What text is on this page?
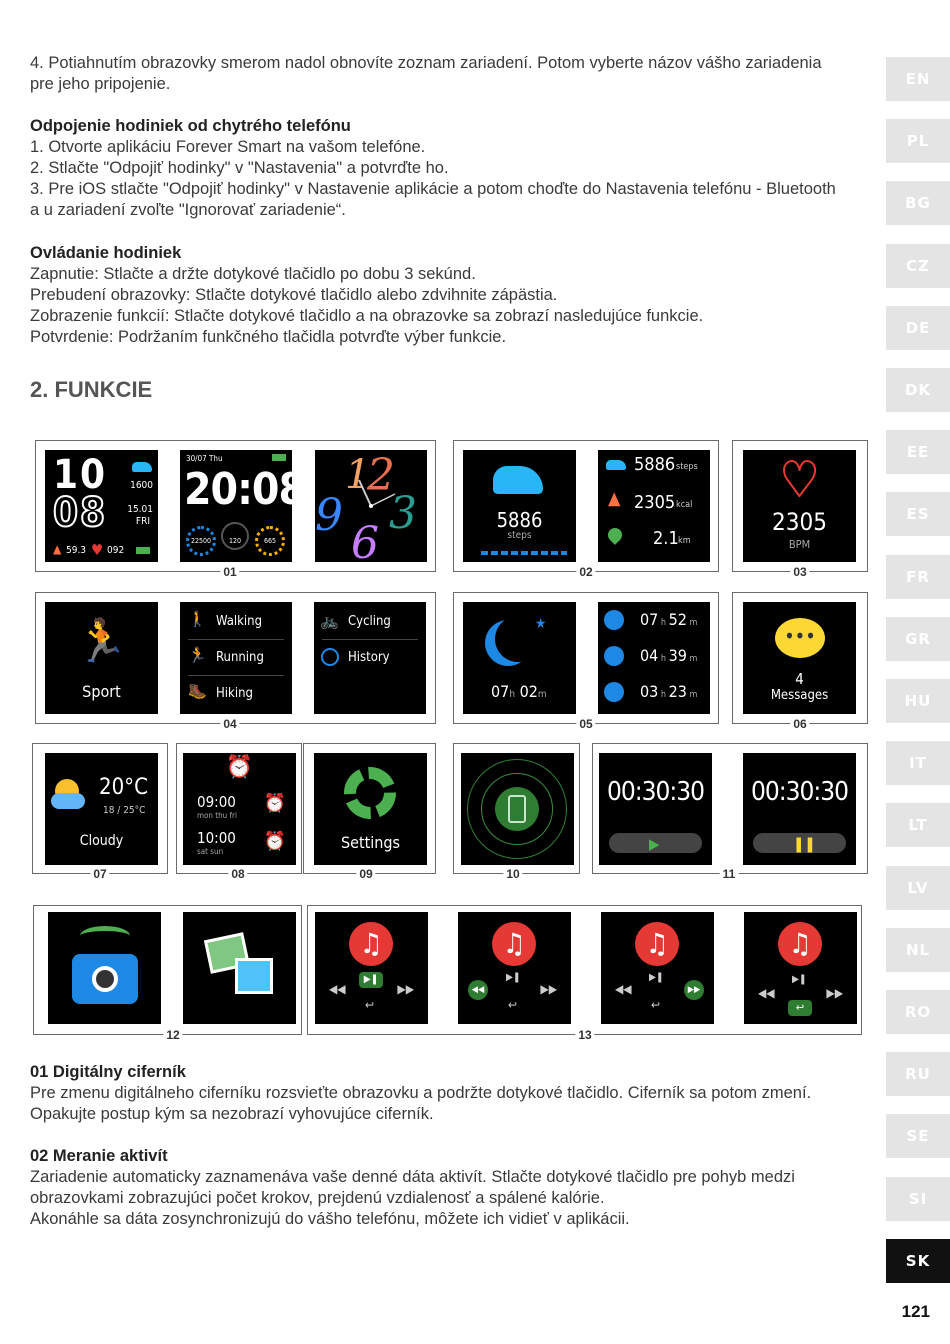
4. Potiahnutím obrazovky smerom nadol obnovíte zoznam zariadení. Potom vyberte názov vášho zariadenia
pre jeho pripojenie.
Odpojenie hodiniek od chytrého telefónu
1. Otvorte aplikáciu Forever Smart na vašom telefóne.
2. Stlačte "Odpojiť hodinky" v "Nastavenia" a potvrďte ho.
3. Pre iOS stlačte "Odpojiť hodinky" v Nastavenie aplikácie a potom choďte do Nastavenia telefónu - Bluetooth
a u zariadení zvoľte "Ignorovať zariadenie“.
Ovládanie hodiniek
Zapnutie: Stlačte a držte dotykové tlačidlo po dobu 3 sekúnd.
Prebudení obrazovky: Stlačte dotykové tlačidlo alebo zdvihnite zápästia.
Zobrazenie funkcií: Stlačte dotykové tlačidlo a na obrazovke sa zobrazí nasledujúce funkcie.
Potvrdenie: Podržaním funkčného tlačidla potvrďte výber funkcie.
2. FUNKCIE
10
08
1600
15.01
FRI
▲ 59.3 ♥ 092
30/07 Thu
20:08
22500	120	665
1
2
3
9
6
01
5886
steps
5886 steps
▲ 2305 kcal
2.1 km
02
♥
2305
BPM
03
🏃
Sport
🚶 Walking
🏃 Running
🥾 Hiking
🚲 Cycling
History
04
★
07h 02m
07 h 52 m
04 h 39 m
03 h 23 m
05
•••
4
Messages
06
20°C
18 / 25°C
Cloudy
07
⏰
09:00
mon thu fri
⏰
10:00
sat sun ⏰
08
Settings
09	10
00:30:30
▶
00:30:30
❚❚
11
12
♫
▶❚
◀◀	▶▶
↩
♫
▶❚
◀◀	▶▶
↩
♫
▶❚
◀◀	▶▶
↩
♫
▶❚
◀◀	▶▶
↩
13
01 Digitálny ciferník
Pre zmenu digitálneho ciferníku rozsvieťte obrazovku a podržte dotykové tlačidlo. Ciferník sa potom zmení.
Opakujte postup kým sa nezobrazí vyhovujúce ciferník.
02 Meranie aktivít
Zariadenie automaticky zaznamenáva vaše denné dáta aktivít. Stlačte dotykové tlačidlo pre pohyb medzi
obrazovkami zobrazujúci počet krokov, prejdenú vzdialenosť a spálené kalórie.
Akonáhle sa dáta zosynchronizujú do vášho telefónu, môžete ich vidieť v aplikácii.
EN
PL
BG
CZ
DE
DK
EE
ES
FR
GR
HU
IT
LT
LV
NL
RO
RU
SE
SI
SK
121
